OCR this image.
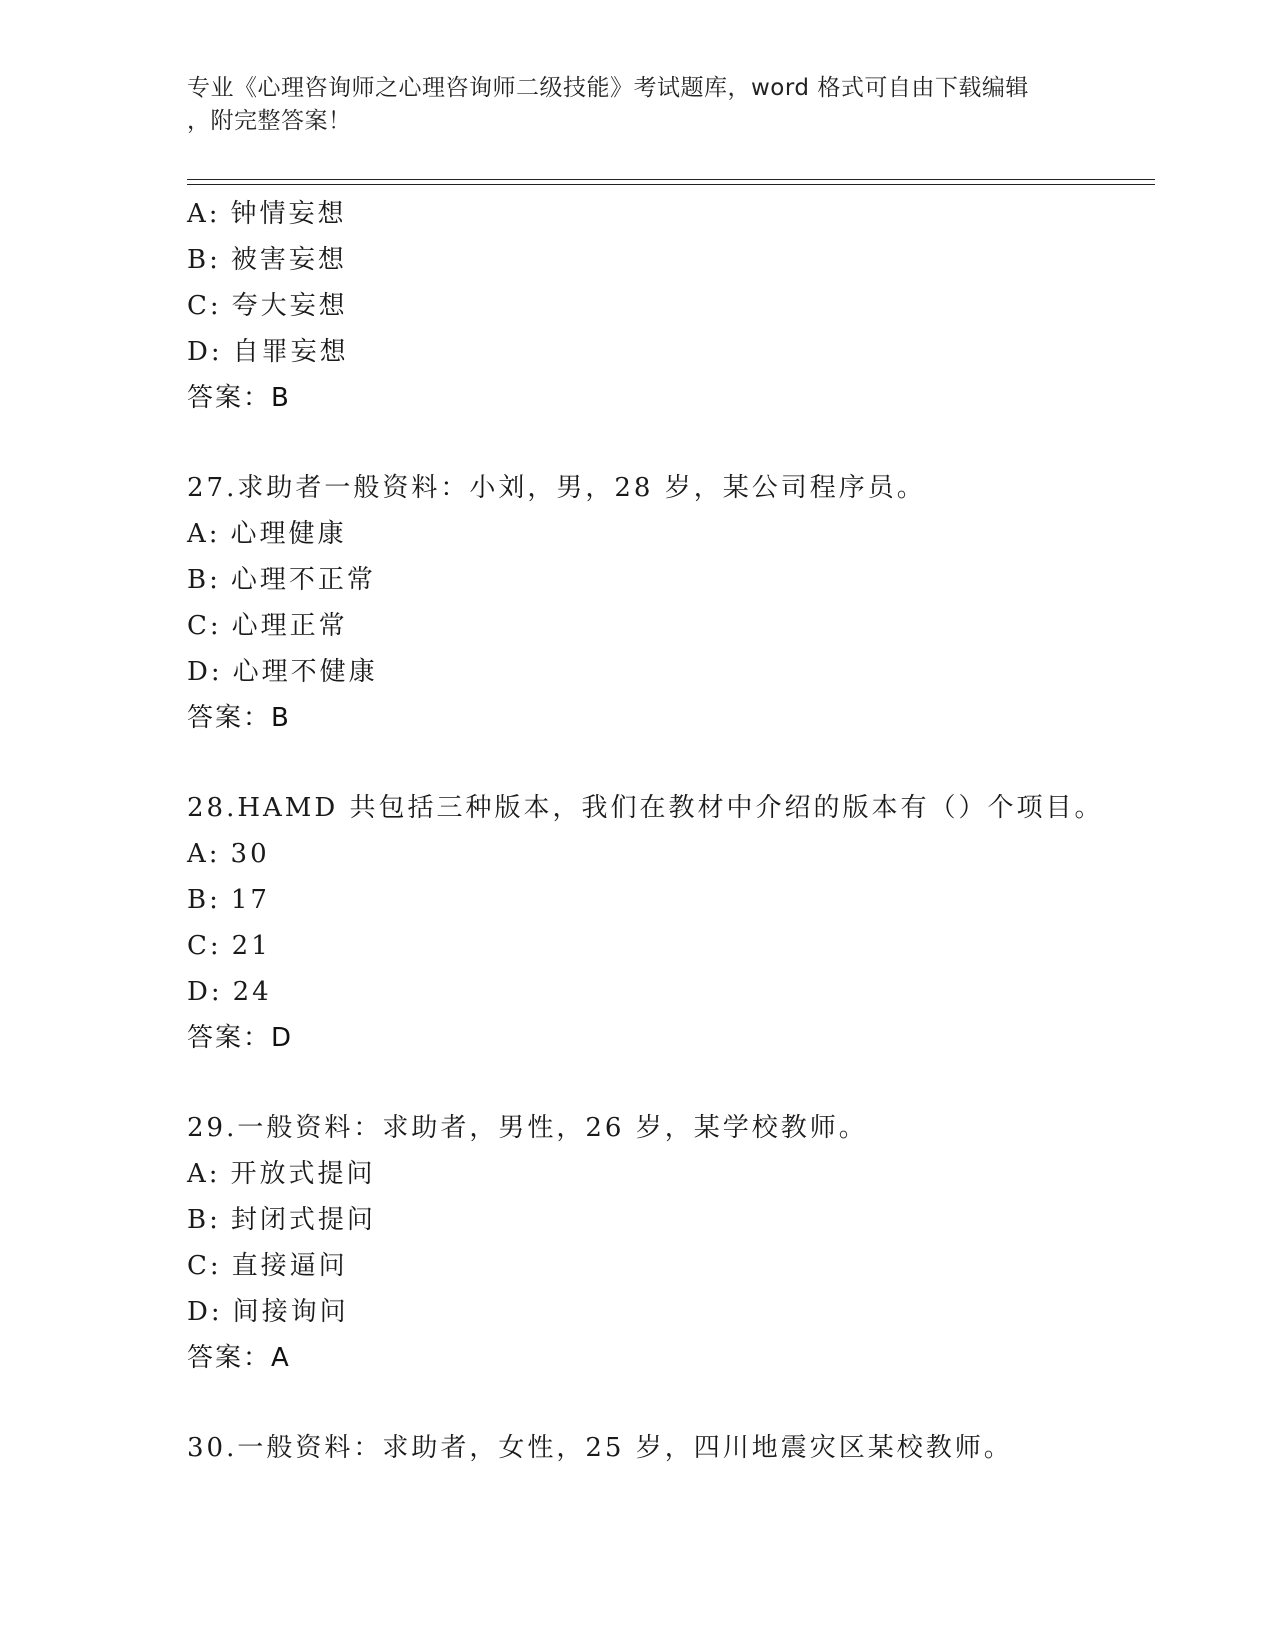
专业《心理咨询师之心理咨询师二级技能》考试题库，word 格式可自由下载编辑
，附完整答案！
A: 钟情妄想
B: 被害妄想
C: 夸大妄想
D: 自罪妄想
答案：B
27.求助者一般资料：小刘，男，28 岁，某公司程序员。
A: 心理健康
B: 心理不正常
C: 心理正常
D: 心理不健康
答案：B
28.HAMD 共包括三种版本，我们在教材中介绍的版本有（）个项目。
A: 30
B: 17
C: 21
D: 24
答案：D
29.一般资料：求助者，男性，26 岁，某学校教师。
A: 开放式提问
B: 封闭式提问
C: 直接逼问
D: 间接询问
答案：A
30.一般资料：求助者，女性，25 岁，四川地震灾区某校教师。
